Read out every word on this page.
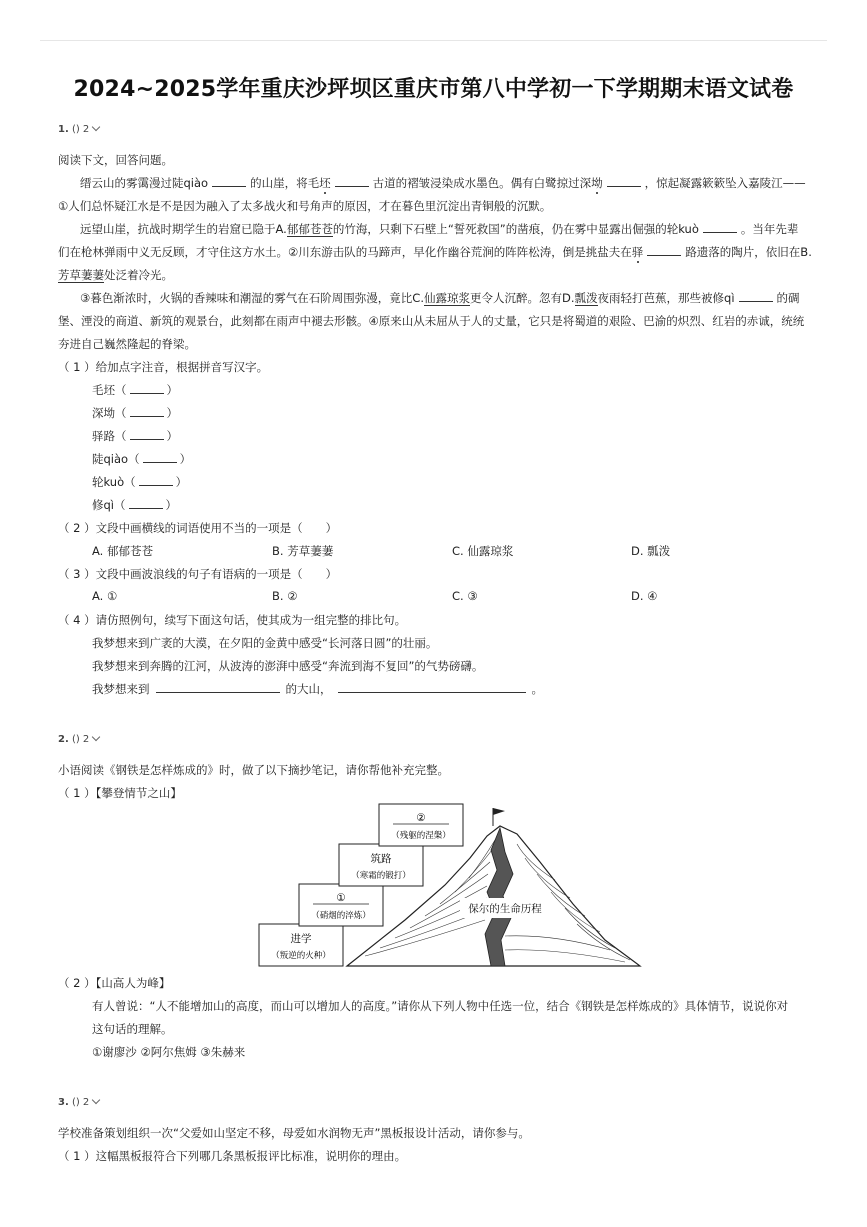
2024~2025学年重庆沙坪坝区重庆市第八中学初一下学期期末语文试卷
1. () 2
阅读下文，回答问题。
缙云山的雾霭漫过陡qiào	的山崖，将毛坯	古道的褶皱浸染成水墨色。偶有白鹭掠过深坳	，惊起凝露簌簌坠入嘉陵江——
①人们总怀疑江水是不是因为融入了太多战火和号角声的原因，才在暮色里沉淀出青铜般的沉默。
远望山崖，抗战时期学生的岩窟已隐于A.郁郁苍苍的竹海，只剩下石壁上“誓死救国”的凿痕，仍在雾中显露出倔强的轮kuò	。当年先辈
们在枪林弹雨中义无反顾，才守住这方水土。②川东游击队的马蹄声，早化作幽谷荒涧的阵阵松涛，倒是挑盐夫在驿	路遗落的陶片，依旧在B.
芳草萋萋处泛着冷光。
③暮色渐浓时，火锅的香辣味和潮湿的雾气在石阶周围弥漫，竟比C.仙露琼浆更令人沉醉。忽有D.瓢泼夜雨轻打芭蕉，那些被修qì	的碉
堡、湮没的商道、新筑的观景台，此刻都在雨声中褪去形骸。④原来山从未屈从于人的丈量，它只是将蜀道的艰险、巴渝的炽烈、红岩的赤诚，统统
夯进自己巍然隆起的脊梁。
（ 1 ）给加点字注音，根据拼音写汉字。
毛坯（	）
深坳（	）
驿路（	）
陡qiào（	）
轮kuò（	）
修qì（	）
（ 2 ）文段中画横线的词语使用不当的一项是（　　）
A. 郁郁苍苍	B. 芳草萋萋	C. 仙露琼浆	D. 瓢泼
（ 3 ）文段中画波浪线的句子有语病的一项是（　　）
A. ①	B. ②	C. ③	D. ④
（ 4 ）请仿照例句，续写下面这句话，使其成为一组完整的排比句。
我梦想来到广袤的大漠，在夕阳的金黄中感受“长河落日圆”的壮丽。
我梦想来到奔腾的江河，从波涛的澎湃中感受“奔流到海不复回”的气势磅礴。
我梦想来到	的大山，	。
2. () 2
小语阅读《钢铁是怎样炼成的》时，做了以下摘抄笔记，请你帮他补充完整。
（ 1 ）【攀登情节之山】
保尔的生命历程
进学
（叛逆的火种）
①
（硝烟的淬炼）
筑路
（寒霜的锻打）
②
（残躯的涅槃）
（ 2 ）【山高人为峰】
有人曾说：“人不能增加山的高度，而山可以增加人的高度。”请你从下列人物中任选一位，结合《钢铁是怎样炼成的》具体情节，说说你对
这句话的理解。
①谢廖沙 ②阿尔焦姆 ③朱赫来
3. () 2
学校准备策划组织一次“父爱如山坚定不移，母爱如水润物无声”黑板报设计活动，请你参与。
（ 1 ）这幅黑板报符合下列哪几条黑板报评比标准，说明你的理由。
